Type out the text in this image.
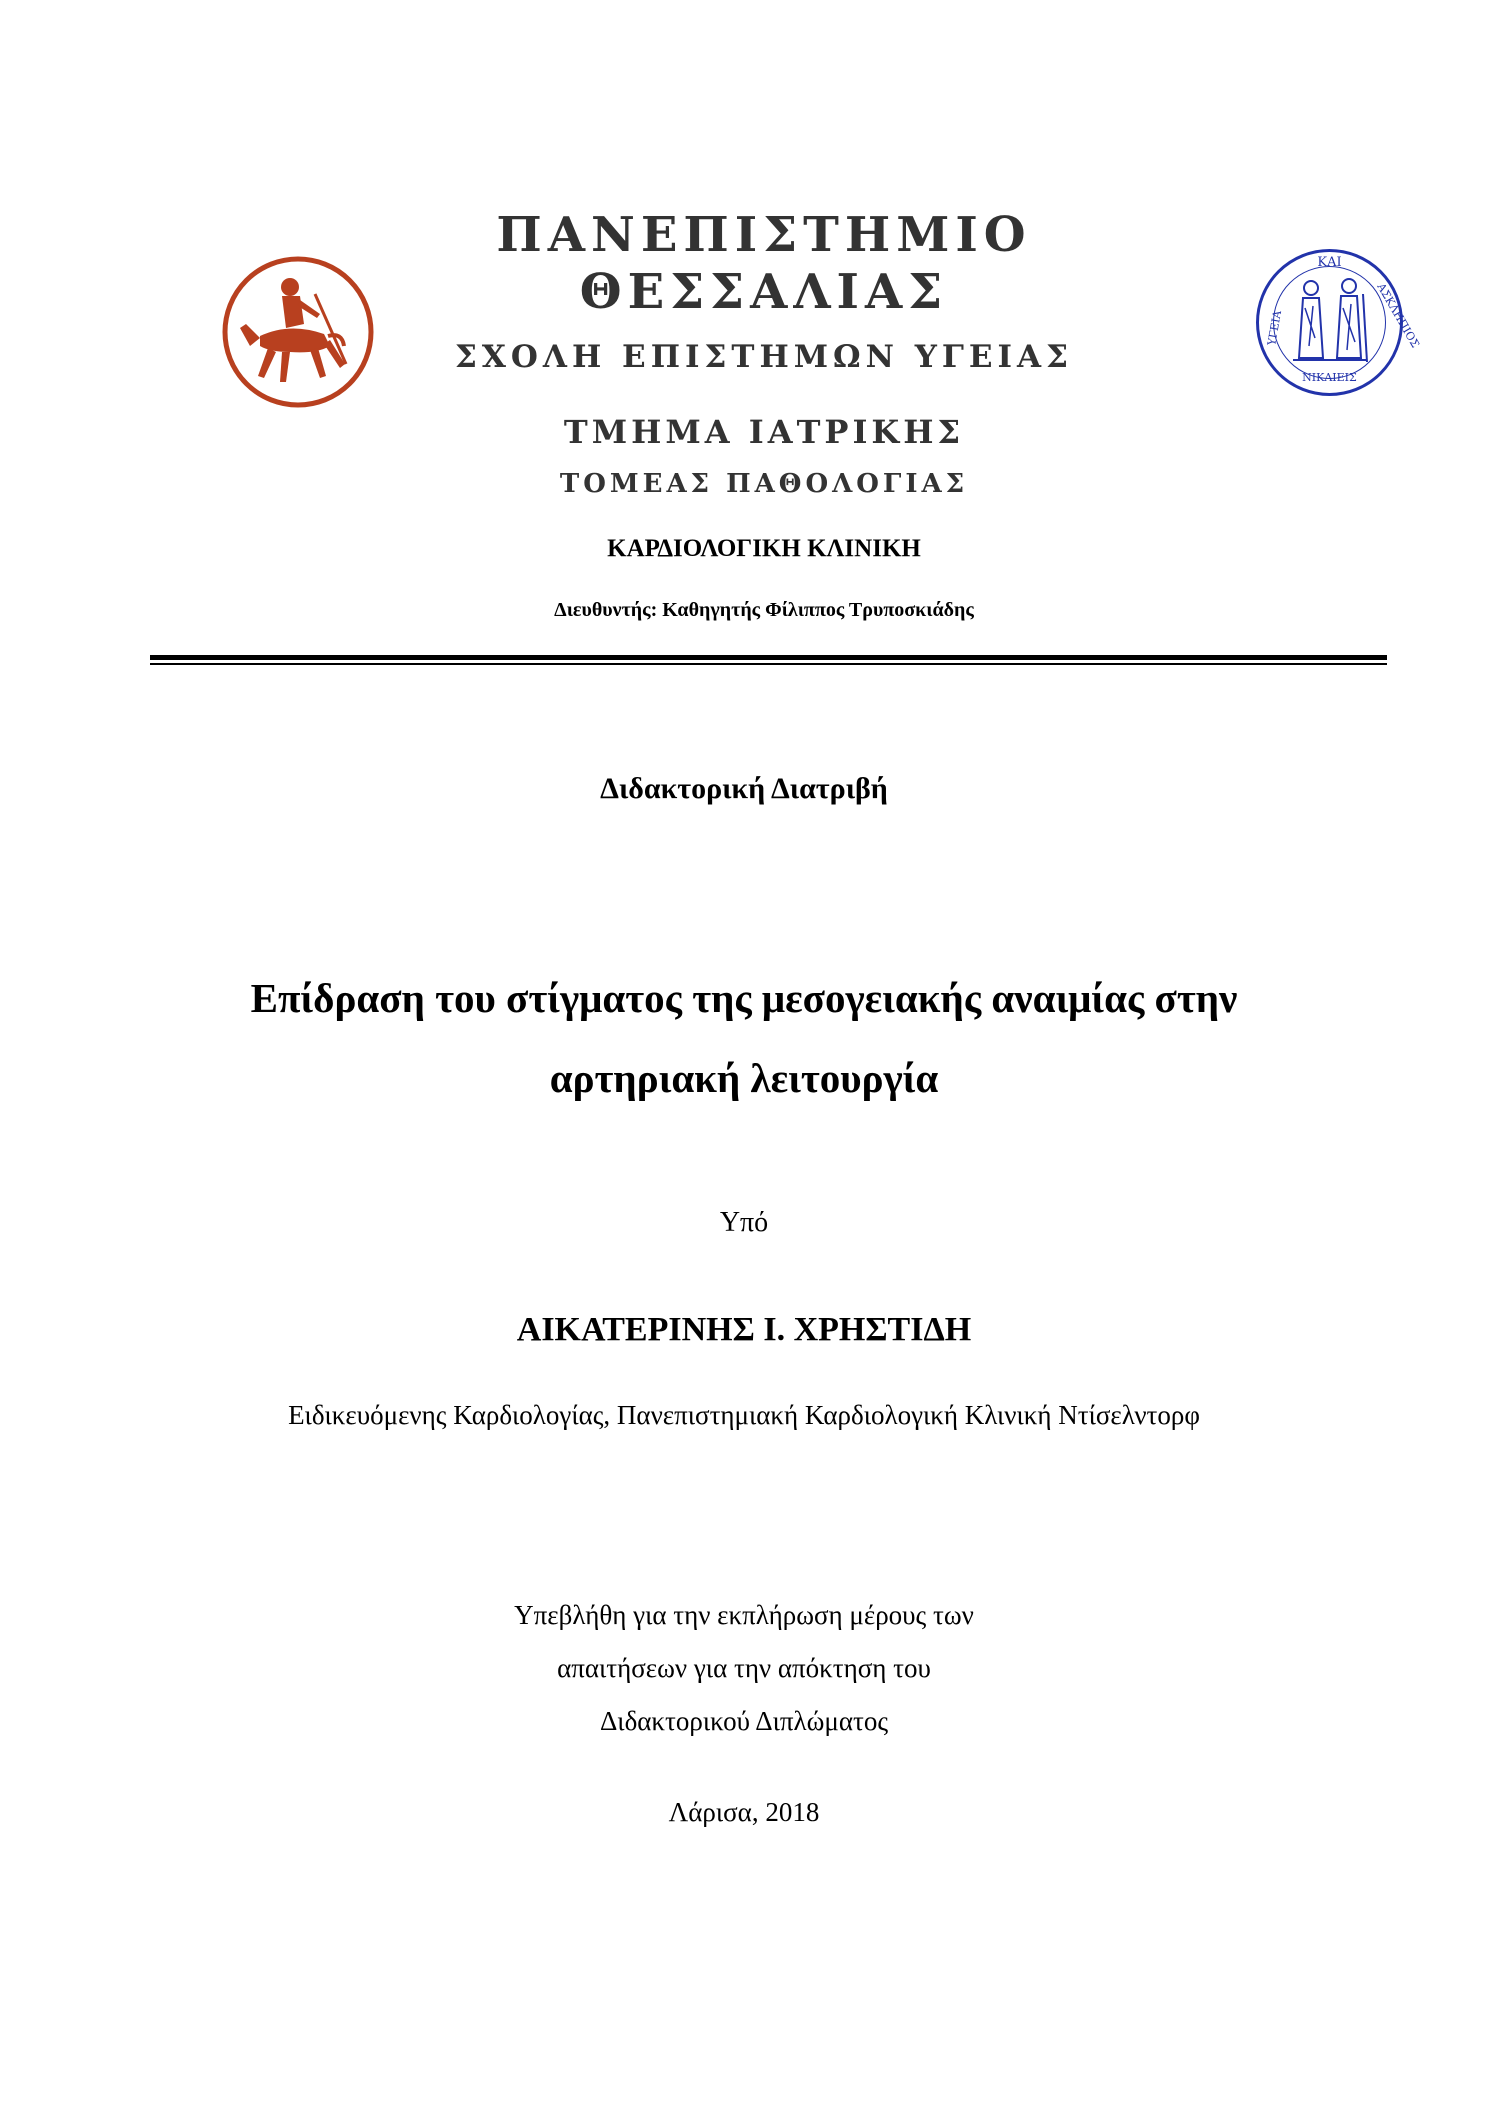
ΚΑΙ
ΑΣΚΛΗΠΙΟΣ
ΥΓΕΙΑ
ΝΙΚΑΙΕΙΣ
ΠΑΝΕΠΙΣΤΗΜΙΟ
ΘΕΣΣΑΛΙΑΣ
ΣΧΟΛΗ ΕΠΙΣΤΗΜΩΝ ΥΓΕΙΑΣ
ΤΜΗΜΑ ΙΑΤΡΙΚΗΣ
ΤΟΜΕΑΣ ΠΑΘΟΛΟΓΙΑΣ
ΚΑΡΔΙΟΛΟΓΙΚΗ ΚΛΙΝΙΚΗ
Διευθυντής: Καθηγητής Φίλιππος Τρυποσκιάδης
Διδακτορική Διατριβή
Επίδραση του στίγματος της μεσογειακής αναιμίας στην
αρτηριακή λειτουργία
Υπό
ΑΙΚΑΤΕΡΙΝΗΣ Ι. ΧΡΗΣΤΙΔΗ
Ειδικευόμενης Καρδιολογίας, Πανεπιστημιακή Καρδιολογική Κλινική Ντίσελντορφ
Υπεβλήθη για την εκπλήρωση μέρους των
απαιτήσεων για την απόκτηση του
Διδακτορικού Διπλώματος
Λάρισα, 2018
